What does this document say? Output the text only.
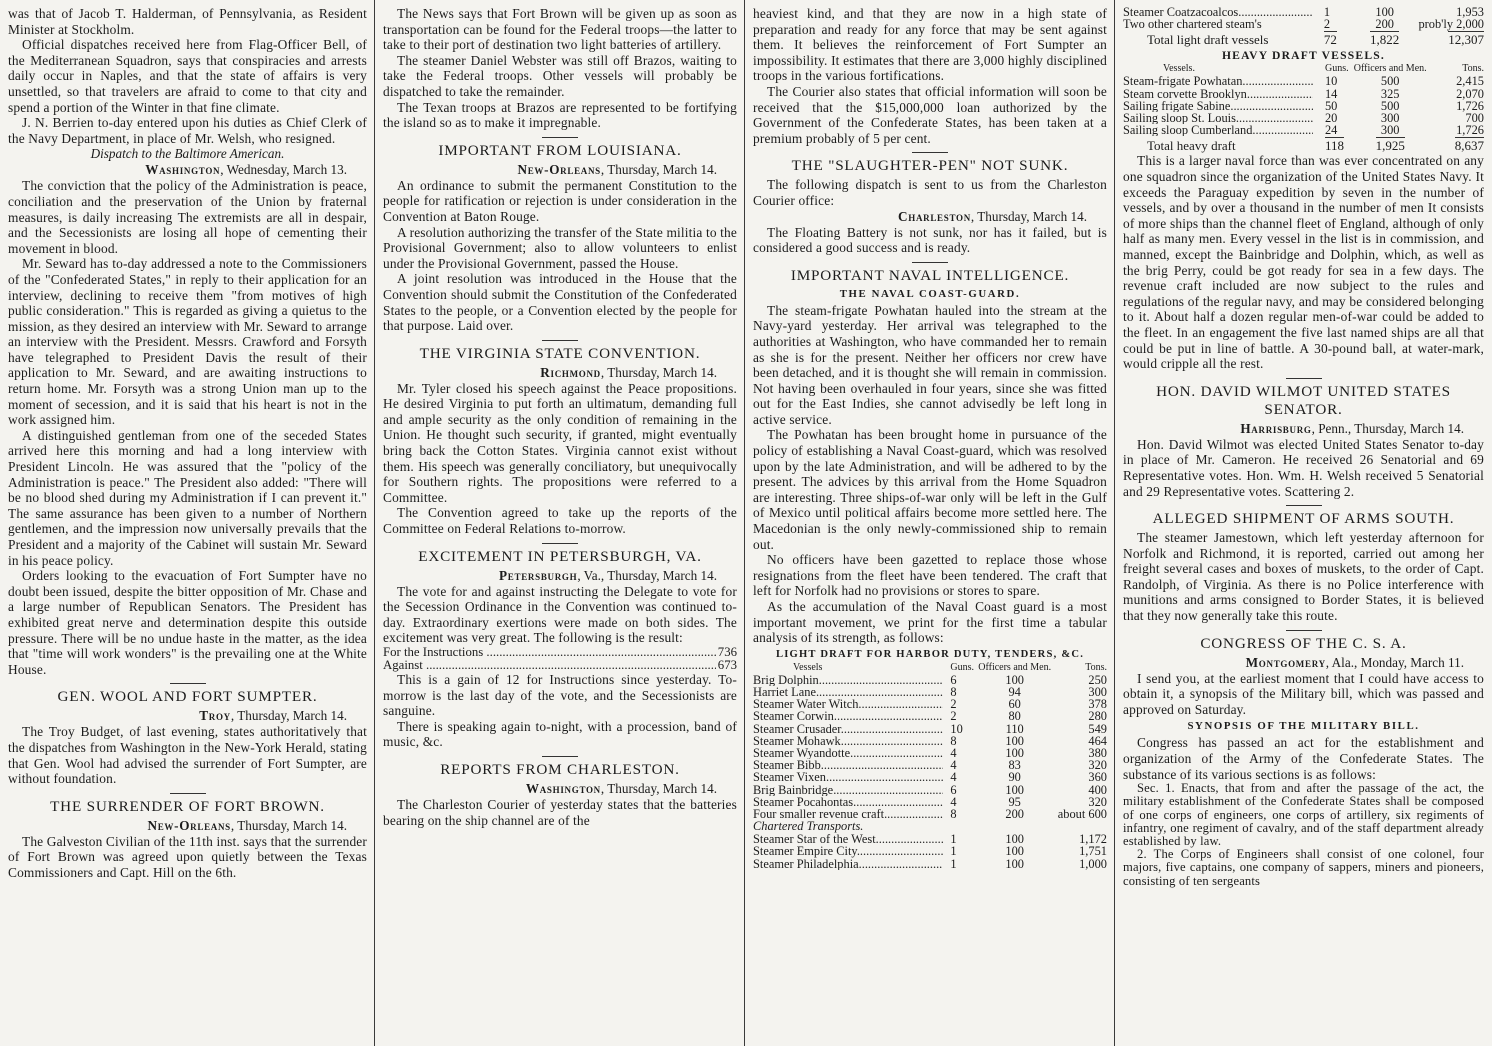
was that of Jacob T. Halderman, of Pennsylvania, as Resident Minister at Stockholm.

Official dispatches received here from Flag-Officer Bell, of the Mediterranean Squadron, says that conspiracies and arrests daily occur in Naples, and that the state of affairs is very unsettled, so that travelers are afraid to come to that city and spend a portion of the Winter in that fine climate.

J. N. Berrien to-day entered upon his duties as Chief Clerk of the Navy Department, in place of Mr. Welsh, who resigned.

Dispatch to the Baltimore American.
Washington, Wednesday, March 13.

The conviction that the policy of the Administration is peace, conciliation and the preservation of the Union by fraternal measures, is daily increasing The extremists are all in despair, and the Secessionists are losing all hope of cementing their movement in blood.

Mr. Seward has to-day addressed a note to the Commissioners of the "Confederated States," in reply to their application for an interview, declining to receive them "from motives of high public consideration." This is regarded as giving a quietus to the mission, as they desired an interview with Mr. Seward to arrange an interview with the President. Messrs. Crawford and Forsyth have telegraphed to President Davis the result of their application to Mr. Seward, and are awaiting instructions to return home. Mr. Forsyth was a strong Union man up to the moment of secession, and it is said that his heart is not in the work assigned him.

A distinguished gentleman from one of the seceded States arrived here this morning and had a long interview with President Lincoln. He was assured that the "policy of the Administration is peace." The President also added: "There will be no blood shed during my Administration if I can prevent it." The same assurance has been given to a number of Northern gentlemen, and the impression now universally prevails that the President and a majority of the Cabinet will sustain Mr. Seward in his peace policy.

Orders looking to the evacuation of Fort Sumpter have no doubt been issued, despite the bitter opposition of Mr. Chase and a large number of Republican Senators. The President has exhibited great nerve and determination despite this outside pressure. There will be no undue haste in the matter, as the idea that "time will work wonders" is the prevailing one at the White House.

GEN. WOOL AND FORT SUMPTER.
Troy, Thursday, March 14.

The Troy Budget, of last evening, states authoritatively that the dispatches from Washington in the New-York Herald, stating that Gen. Wool had advised the surrender of Fort Sumpter, are without foundation.

THE SURRENDER OF FORT BROWN.
New-Orleans, Thursday, March 14.

The Galveston Civilian of the 11th inst. says that the surrender of Fort Brown was agreed upon quietly between the Texas Commissioners and Capt. Hill on the 6th.

The News says that Fort Brown will be given up as soon as transportation can be found for the Federal troops—the latter to take to their port of destination two light batteries of artillery.

The steamer Daniel Webster was still off Brazos, waiting to take the Federal troops. Other vessels will probably be dispatched to take the remainder.

The Texan troops at Brazos are represented to be fortifying the island so as to make it impregnable.

IMPORTANT FROM LOUISIANA.
New-Orleans, Thursday, March 14.

An ordinance to submit the permanent Constitution to the people for ratification or rejection is under consideration in the Convention at Baton Rouge.

A resolution authorizing the transfer of the State militia to the Provisional Government; also to allow volunteers to enlist under the Provisional Government, passed the House.

A joint resolution was introduced in the House that the Convention should submit the Constitution of the Confederated States to the people, or a Convention elected by the people for that purpose. Laid over.

THE VIRGINIA STATE CONVENTION.
Richmond, Thursday, March 14.

Mr. Tyler closed his speech against the Peace propositions. He desired Virginia to put forth an ultimatum, demanding full and ample security as the only condition of remaining in the Union. He thought such security, if granted, might eventually bring back the Cotton States. Virginia cannot exist without them. His speech was generally conciliatory, but unequivocally for Southern rights. The propositions were referred to a Committee.

The Convention agreed to take up the reports of the Committee on Federal Relations to-morrow.

EXCITEMENT IN PETERSBURGH, VA.
Petersburgh, Va., Thursday, March 14.

The vote for and against instructing the Delegate to vote for the Secession Ordinance in the Convention was continued to-day. Extraordinary exertions were made on both sides. The excitement was very great. The following is the result:

For the Instructions .....	736
Against .....	673

This is a gain of 12 for Instructions since yesterday. To-morrow is the last day of the vote, and the Secessionists are sanguine.

There is speaking again to-night, with a procession, band of music, &c.

REPORTS FROM CHARLESTON.
Washington, Thursday, March 14.

The Charleston Courier of yesterday states that the batteries bearing on the ship channel are of the

heaviest kind, and that they are now in a high state of preparation and ready for any force that may be sent against them. It believes the reinforcement of Fort Sumpter an impossibility. It estimates that there are 3,000 highly disciplined troops in the various fortifications.

The Courier also states that official information will soon be received that the $15,000,000 loan authorized by the Government of the Confederate States, has been taken at a premium probably of 5 per cent.

THE "SLAUGHTER-PEN" NOT SUNK.

The following dispatch is sent to us from the Charleston Courier office:

Charleston, Thursday, March 14.

The Floating Battery is not sunk, nor has it failed, but is considered a good success and is ready.

IMPORTANT NAVAL INTELLIGENCE.
THE NAVAL COAST-GUARD.

The steam-frigate Powhatan hauled into the stream at the Navy-yard yesterday. Her arrival was telegraphed to the authorities at Washington, who have commanded her to remain as she is for the present. Neither her officers nor crew have been detached, and it is thought she will remain in commission. Not having been overhauled in four years, since she was fitted out for the East Indies, she cannot advisedly be left long in active service.

The Powhatan has been brought home in pursuance of the policy of establishing a Naval Coast-guard, which was resolved upon by the late Administration, and will be adhered to by the present. The advices by this arrival from the Home Squadron are interesting. Three ships-of-war only will be left in the Gulf of Mexico until political affairs become more settled here. The Macedonian is the only newly-commissioned ship to remain out.

No officers have been gazetted to replace those whose resignations from the fleet have been tendered. The craft that left for Norfolk had no provisions or stores to spare.

As the accumulation of the Naval Coast guard is a most important movement, we print for the first time a tabular analysis of its strength, as follows:

LIGHT DRAFT FOR HARBOR DUTY, TENDERS, &C.
Vessels	Guns.	Officers and Men.	Tons.
Brig Dolphin .....	6	100	250
Harriet Lane .....	8	94	300
Steamer Water Witch .....	2	60	378
Steamer Corwin .....	2	80	280
Steamer Crusader .....	10	110	549
Steamer Mohawk .....	8	100	464
Steamer Wyandotte .....	4	100	380
Steamer Bibb .....	4	83	320
Steamer Vixen .....	4	90	360
Brig Bainbridge .....	6	100	400
Steamer Pocahontas .....	4	95	320
Four smaller revenue craft .....	8	200	about 600
Chartered Transports.			
Steamer Star of the West .....	1	100	1,172
Steamer Empire City .....	1	100	1,751
Steamer Philadelphia .....	1	100	1,000
Steamer Coatzacoalcos .....	1	100	1,953
Two other chartered steam's	2	200	prob'ly 2,000
Total light draft vessels	72	1,822	12,307
HEAVY DRAFT VESSELS.
Vessels.	Guns.	Officers and Men.	Tons.
Steam-frigate Powhatan .....	10	500	2,415
Steam corvette Brooklyn .....	14	325	2,070
Sailing frigate Sabine .....	50	500	1,726
Sailing sloop St. Louis .....	20	300	700
Sailing sloop Cumberland .....	24	300	1,726
Total heavy draft	118	1,925	8,637

This is a larger naval force than was ever concentrated on any one squadron since the organization of the United States Navy. It exceeds the Paraguay expedition by seven in the number of vessels, and by over a thousand in the number of men It consists of more ships than the channel fleet of England, although of only half as many men. Every vessel in the list is in commission, and manned, except the Bainbridge and Dolphin, which, as well as the brig Perry, could be got ready for sea in a few days. The revenue craft included are now subject to the rules and regulations of the regular navy, and may be considered belonging to it. About half a dozen regular men-of-war could be added to the fleet. In an engagement the five last named ships are all that could be put in line of battle. A 30-pound ball, at water-mark, would cripple all the rest.

HON. DAVID WILMOT UNITED STATES SENATOR.
Harrisburg, Penn., Thursday, March 14.

Hon. David Wilmot was elected United States Senator to-day in place of Mr. Cameron. He received 26 Senatorial and 69 Representative votes. Hon. Wm. H. Welsh received 5 Senatorial and 29 Representative votes. Scattering 2.

ALLEGED SHIPMENT OF ARMS SOUTH.

The steamer Jamestown, which left yesterday afternoon for Norfolk and Richmond, it is reported, carried out among her freight several cases and boxes of muskets, to the order of Capt. Randolph, of Virginia. As there is no Police interference with munitions and arms consigned to Border States, it is believed that they now generally take this route.

CONGRESS OF THE C. S. A.
Montgomery, Ala., Monday, March 11.

I send you, at the earliest moment that I could have access to obtain it, a synopsis of the Military bill, which was passed and approved on Saturday.

SYNOPSIS OF THE MILITARY BILL.

Congress has passed an act for the establishment and organization of the Army of the Confederate States. The substance of its various sections is as follows:

Sec. 1. Enacts, that from and after the passage of the act, the military establishment of the Confederate States shall be composed of one corps of engineers, one corps of artillery, six regiments of infantry, one regiment of cavalry, and of the staff department already established by law.

2. The Corps of Engineers shall consist of one colonel, four majors, five captains, one company of sappers, miners and pioneers, consisting of ten sergeants
